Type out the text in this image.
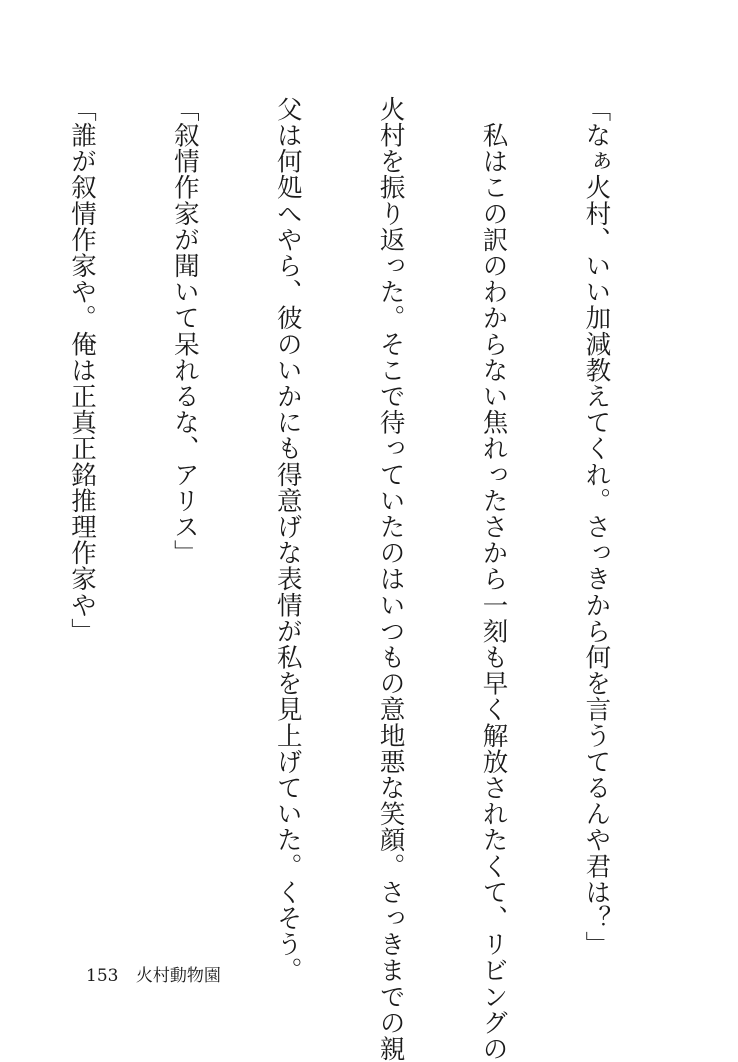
「なぁ火村、いい加減教えてくれ。さっきから何を言うてるんや君は？」

　私はこの訳のわからない焦れったさから一刻も早く解放されたくて、リビングの

火村を振り返った。そこで待っていたのはいつもの意地悪な笑顔。さっきまでの親

父は何処へやら、彼のいかにも得意げな表情が私を見上げていた。くそう。

「叙情作家が聞いて呆れるな、アリス」

「誰が叙情作家や。俺は正真正銘推理作家や」

153 火村動物園
